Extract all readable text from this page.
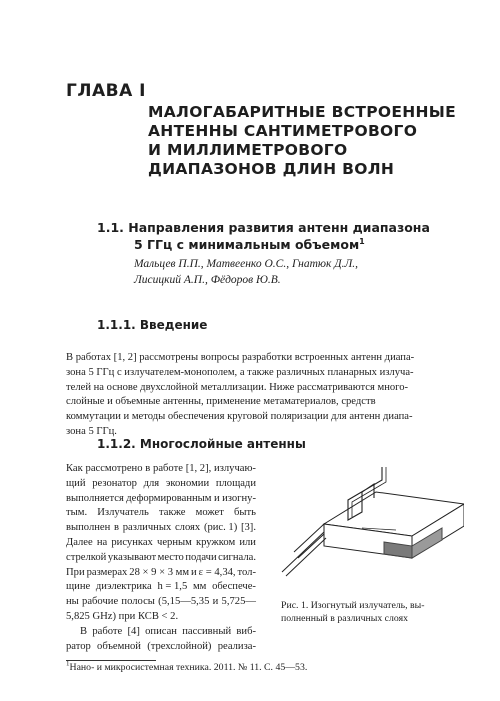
ГЛАВА I
МАЛОГАБАРИТНЫЕ ВСТРОЕННЫЕ
АНТЕННЫ САНТИМЕТРОВОГО
И МИЛЛИМЕТРОВОГО
ДИАПАЗОНОВ ДЛИН ВОЛН
1.1. Направления развития антенн диапазона
5 ГГц с минимальным объемом$^1$
Мальцев П.П., Матвеенко О.С., Гнатюк Д.Л.,
Лисицкий А.П., Фёдоров Ю.В.
1.1.1. Введение
В работах [1, 2] рассмотрены вопросы разработки встроенных антенн диапа-
зона 5 ГГц с излучателем-монополем, а также различных планарных излуча-
телей на основе двухслойной металлизации. Ниже рассматриваются много-
слойные и объемные антенны, применение метаматериалов, средств
коммутации и методы обеспечения круговой поляризации для антенн диапа-
зона 5 ГГц.
1.1.2. Многослойные антенны
Как рассмотрено в работе [1, 2], излучаю-
щий резонатор для экономии площади
выполняется деформированным и изогну-
тым. Излучатель также может быть
выполнен в различных слоях (рис. 1) [3].
Далее на рисунках черным кружком или
стрелкой указывают место подачи сигнала.
При размерах 28 × 9 × 3 мм и ε = 4,34, тол-
щине диэлектрика h = 1,5 мм обеспече-
ны рабочие полосы (5,15—5,35 и 5,725—
5,825 GHz) при КСВ < 2.
В работе [4] описан пассивный виб-
ратор объемной (трехслойной) реализа-
Рис. 1. Изогнутый излучатель, вы-
полненный в различных слоях
$^1$Нано- и микросистемная техника. 2011. № 11. С. 45—53.
